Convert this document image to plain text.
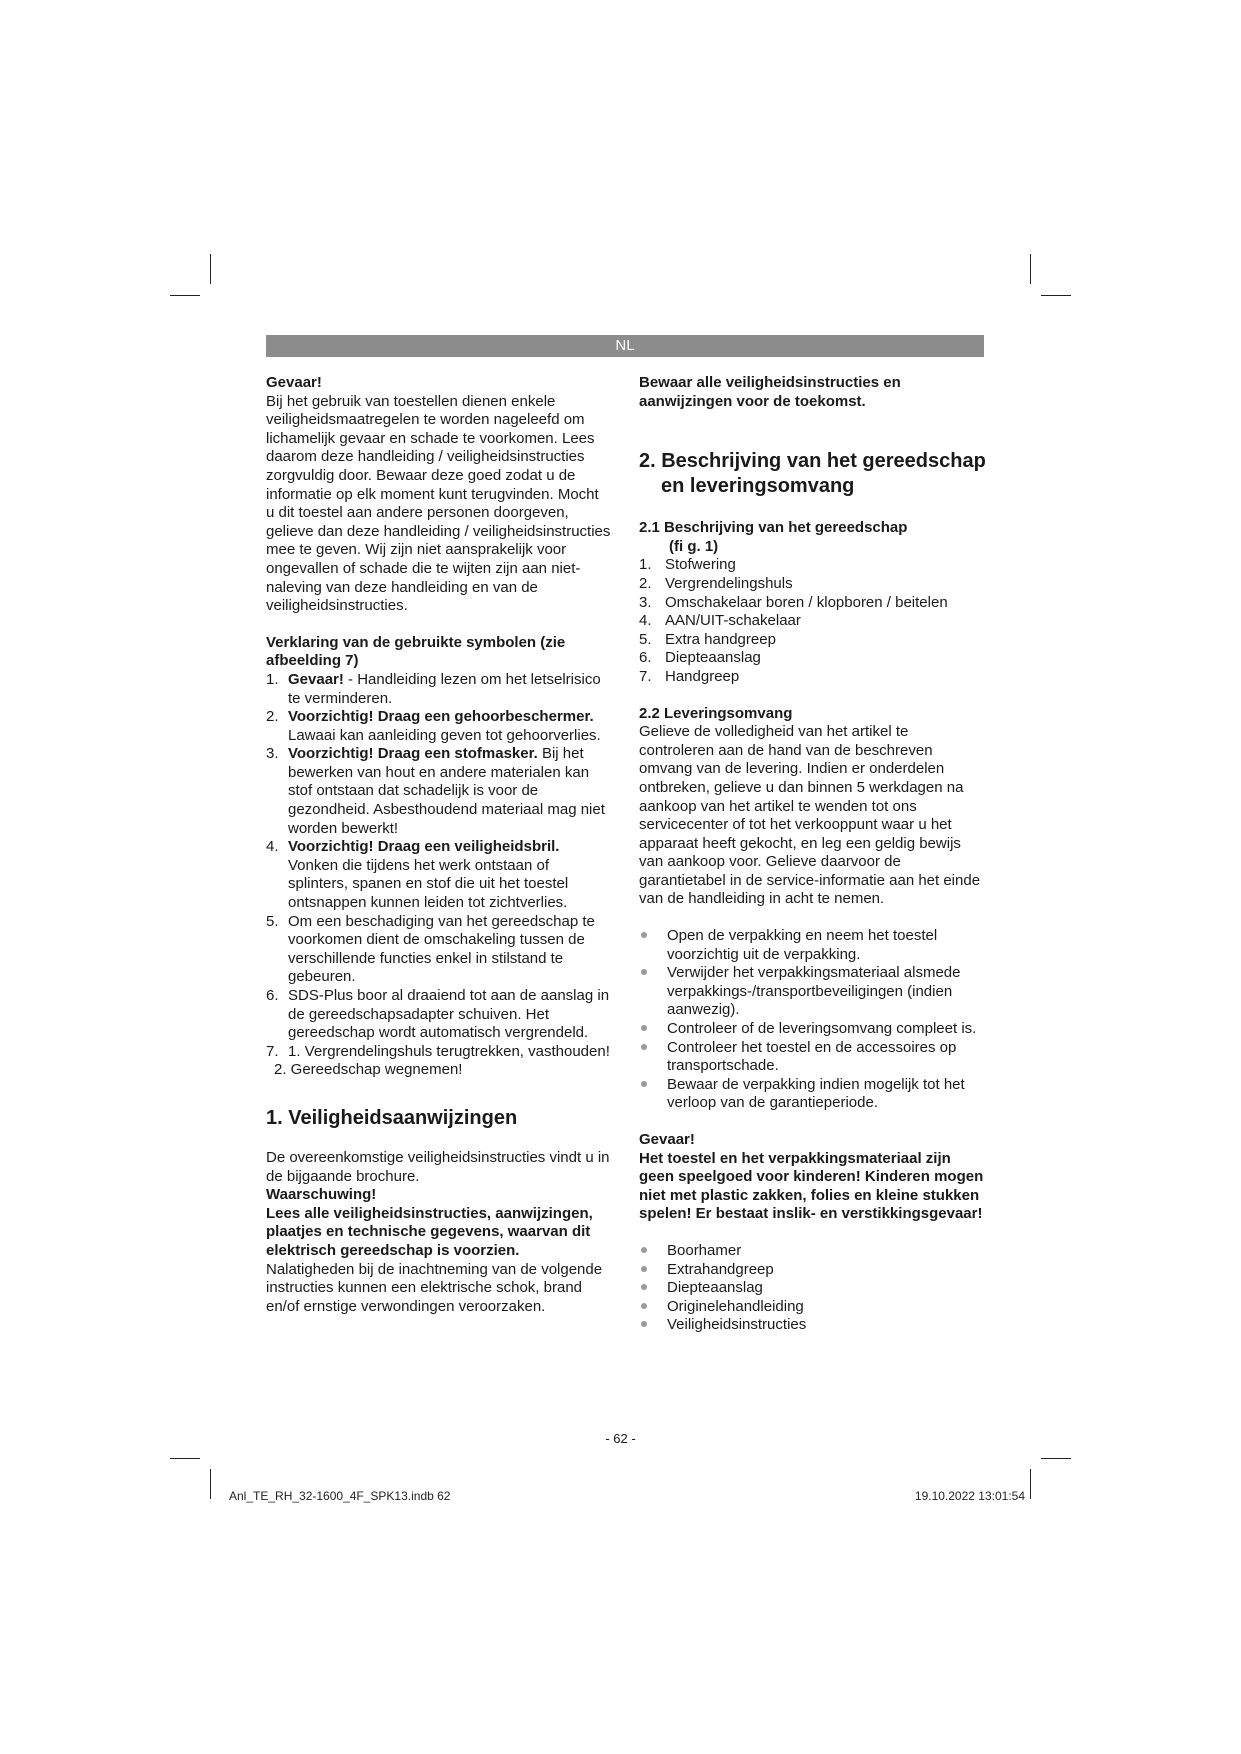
NL

Gevaar!

Bij het gebruik van toestellen dienen enkele veiligheidsmaatregelen te worden nageleefd om lichamelijk gevaar en schade te voorkomen. Lees daarom deze handleiding / veiligheidsinstructies zorgvuldig door. Bewaar deze goed zodat u de informatie op elk moment kunt terugvinden. Mocht u dit toestel aan andere personen doorgeven, gelieve dan deze handleiding / veiligheidsinstructies mee te geven. Wij zijn niet aansprakelijk voor ongevallen of schade die te wijten zijn aan niet-naleving van deze handleiding en van de veiligheidsinstructies.

Verklaring van de gebruikte symbolen (zie afbeelding 7)

1. Gevaar! - Handleiding lezen om het letselrisico te verminderen.
2. Voorzichtig! Draag een gehoorbeschermer. Lawaai kan aanleiding geven tot gehoorverlies.
3. Voorzichtig! Draag een stofmasker. Bij het bewerken van hout en andere materialen kan stof ontstaan dat schadelijk is voor de gezondheid. Asbesthoudend materiaal mag niet worden bewerkt!
4. Voorzichtig! Draag een veiligheidsbril. Vonken die tijdens het werk ontstaan of splinters, spanen en stof die uit het toestel ontsnappen kunnen leiden tot zichtverlies.
5. Om een beschadiging van het gereedschap te voorkomen dient de omschakeling tussen de verschillende functies enkel in stilstand te gebeuren.
6. SDS-Plus boor al draaiend tot aan de aanslag in de gereedschapsadapter schuiven. Het gereedschap wordt automatisch vergrendeld.
7. 1. Vergrendelingshuls terugtrekken, vasthouden!

2. Gereedschap wegnemen!

1. Veiligheidsaanwijzingen

De overeenkomstige veiligheidsinstructies vindt u in de bijgaande brochure.

Waarschuwing!

Lees alle veiligheidsinstructies, aanwijzingen, plaatjes en technische gegevens, waarvan dit elektrisch gereedschap is voorzien.

Nalatigheden bij de inachtneming van de volgende instructies kunnen een elektrische schok, brand en/of ernstige verwondingen veroorzaken.

Bewaar alle veiligheidsinstructies en aanwijzingen voor de toekomst.

2. Beschrijving van het gereedschap en leveringsomvang

2.1 Beschrijving van het gereedschap

(fi g. 1)

1. Stofwering
2. Vergrendelingshuls
3. Omschakelaar boren / klopboren / beitelen
4. AAN/UIT-schakelaar
5. Extra handgreep
6. Diepteaanslag
7. Handgreep

2.2 Leveringsomvang

Gelieve de volledigheid van het artikel te controleren aan de hand van de beschreven omvang van de levering. Indien er onderdelen ontbreken, gelieve u dan binnen 5 werkdagen na aankoop van het artikel te wenden tot ons servicecenter of tot het verkooppunt waar u het apparaat heeft gekocht, en leg een geldig bewijs van aankoop voor. Gelieve daarvoor de garantietabel in de service-informatie aan het einde van de handleiding in acht te nemen.

Open de verpakking en neem het toestel voorzichtig uit de verpakking.
Verwijder het verpakkingsmateriaal alsmede verpakkings-/transportbeveiligingen (indien aanwezig).
Controleer of de leveringsomvang compleet is.
Controleer het toestel en de accessoires op transportschade.
Bewaar de verpakking indien mogelijk tot het verloop van de garantieperiode.

Gevaar!

Het toestel en het verpakkingsmateriaal zijn geen speelgoed voor kinderen! Kinderen mogen niet met plastic zakken, folies en kleine stukken spelen! Er bestaat inslik- en verstikkingsgevaar!

Boorhamer
Extrahandgreep
Diepteaanslag
Originelehandleiding
Veiligheidsinstructies
- 62 -
Anl_TE_RH_32-1600_4F_SPK13.indb 62	19.10.2022 13:01:54
